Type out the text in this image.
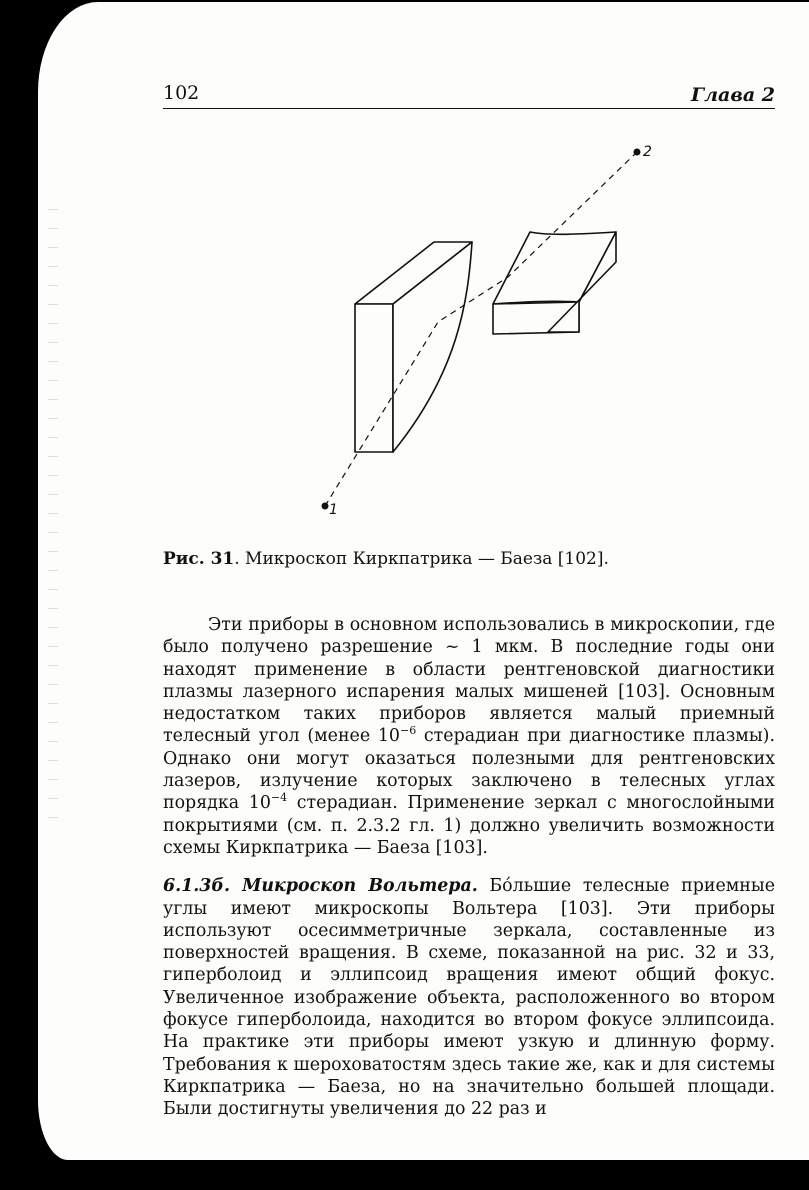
102	Глава 2
1
2
Рис. 31. Микроскоп Киркпатрика — Баеза [102].

Эти приборы в основном использовались в микроскопии, где было получено разрешение ~ 1 мкм. В последние годы они находят применение в области рентгеновской диагностики плазмы лазерного испарения малых мишеней [103]. Основным недостатком таких приборов является малый приемный телесный угол (менее $10^{-6}$ стерадиан при диагностике плазмы). Однако они могут оказаться полезными для рентгеновских лазеров, излучение которых заключено в телесных углах порядка $10^{-4}$ стерадиан. Применение зеркал с многослойными покрытиями (см. п. 2.3.2 гл. 1) должно увеличить возможности схемы Киркпатрика — Баеза [103].

6.1.3б. Микроскоп Вольтера. Бо́льшие телесные приемные углы имеют микроскопы Вольтера [103]. Эти приборы используют осесимметричные зеркала, составленные из поверхностей вращения. В схеме, показанной на рис. 32 и 33, гиперболоид и эллипсоид вращения имеют общий фокус. Увеличенное изображение объекта, расположенного во втором фокусе гиперболоида, находится во втором фокусе эллипсоида. На практике эти приборы имеют узкую и длинную форму. Требования к шероховатостям здесь такие же, как и для системы Киркпатрика — Баеза, но на значительно большей площади. Были достигнуты увеличения до 22 раз и
